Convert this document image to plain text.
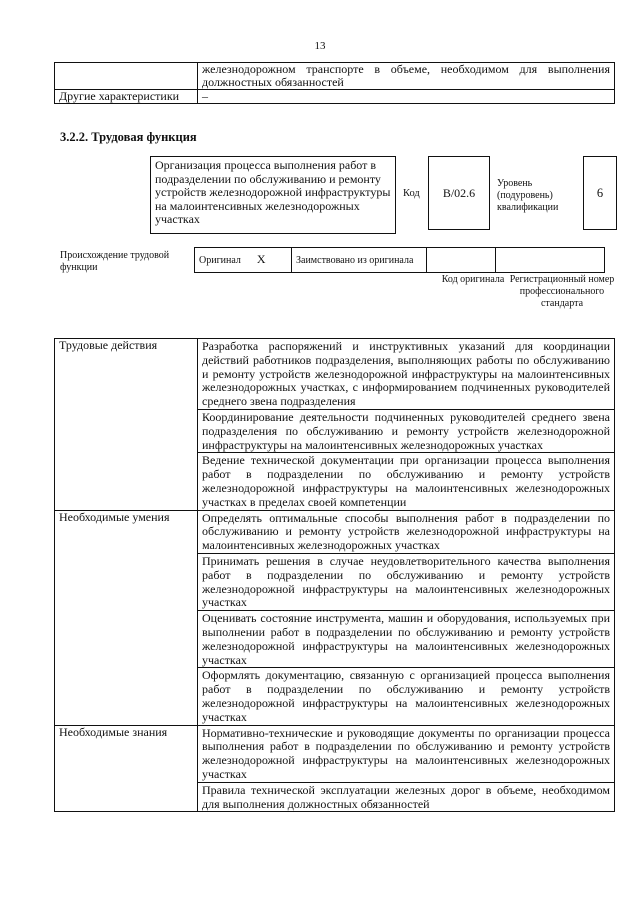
13
	железнодорожном транспорте в объеме, необходимом для выполнения должностных обязанностей
Другие характеристики	–
3.2.2. Трудовая функция
Организация процесса выполнения работ в подразделении по обслуживанию и ремонту устройств железнодорожной инфраструктуры на малоинтенсивных железнодорожных участках
Код	B/02.6
Уровень (подуровень) квалификации
6
Происхождение трудовой функции
Оригинал X	Заимствовано из оригинала		
Код оригинала Регистрационный номер профессионального стандарта
Трудовые действия	Разработка распоряжений и инструктивных указаний для координации действий работников подразделения, выполняющих работы по обслуживанию и ремонту устройств железнодорожной инфраструктуры на малоинтенсивных железнодорожных участках, с информированием подчиненных руководителей среднего звена подразделения
	Координирование деятельности подчиненных руководителей среднего звена подразделения по обслуживанию и ремонту устройств железнодорожной инфраструктуры на малоинтенсивных железнодорожных участках
	Ведение технической документации при организации процесса выполнения работ в подразделении по обслуживанию и ремонту устройств железнодорожной инфраструктуры на малоинтенсивных железнодорожных участках в пределах своей компетенции
Необходимые умения	Определять оптимальные способы выполнения работ в подразделении по обслуживанию и ремонту устройств железнодорожной инфраструктуры на малоинтенсивных железнодорожных участках
	Принимать решения в случае неудовлетворительного качества выполнения работ в подразделении по обслуживанию и ремонту устройств железнодорожной инфраструктуры на малоинтенсивных железнодорожных участках
	Оценивать состояние инструмента, машин и оборудования, используемых при выполнении работ в подразделении по обслуживанию и ремонту устройств железнодорожной инфраструктуры на малоинтенсивных железнодорожных участках
	Оформлять документацию, связанную с организацией процесса выполнения работ в подразделении по обслуживанию и ремонту устройств железнодорожной инфраструктуры на малоинтенсивных железнодорожных участках
Необходимые знания	Нормативно-технические и руководящие документы по организации процесса выполнения работ в подразделении по обслуживанию и ремонту устройств железнодорожной инфраструктуры на малоинтенсивных железнодорожных участках
	Правила технической эксплуатации железных дорог в объеме, необходимом для выполнения должностных обязанностей
